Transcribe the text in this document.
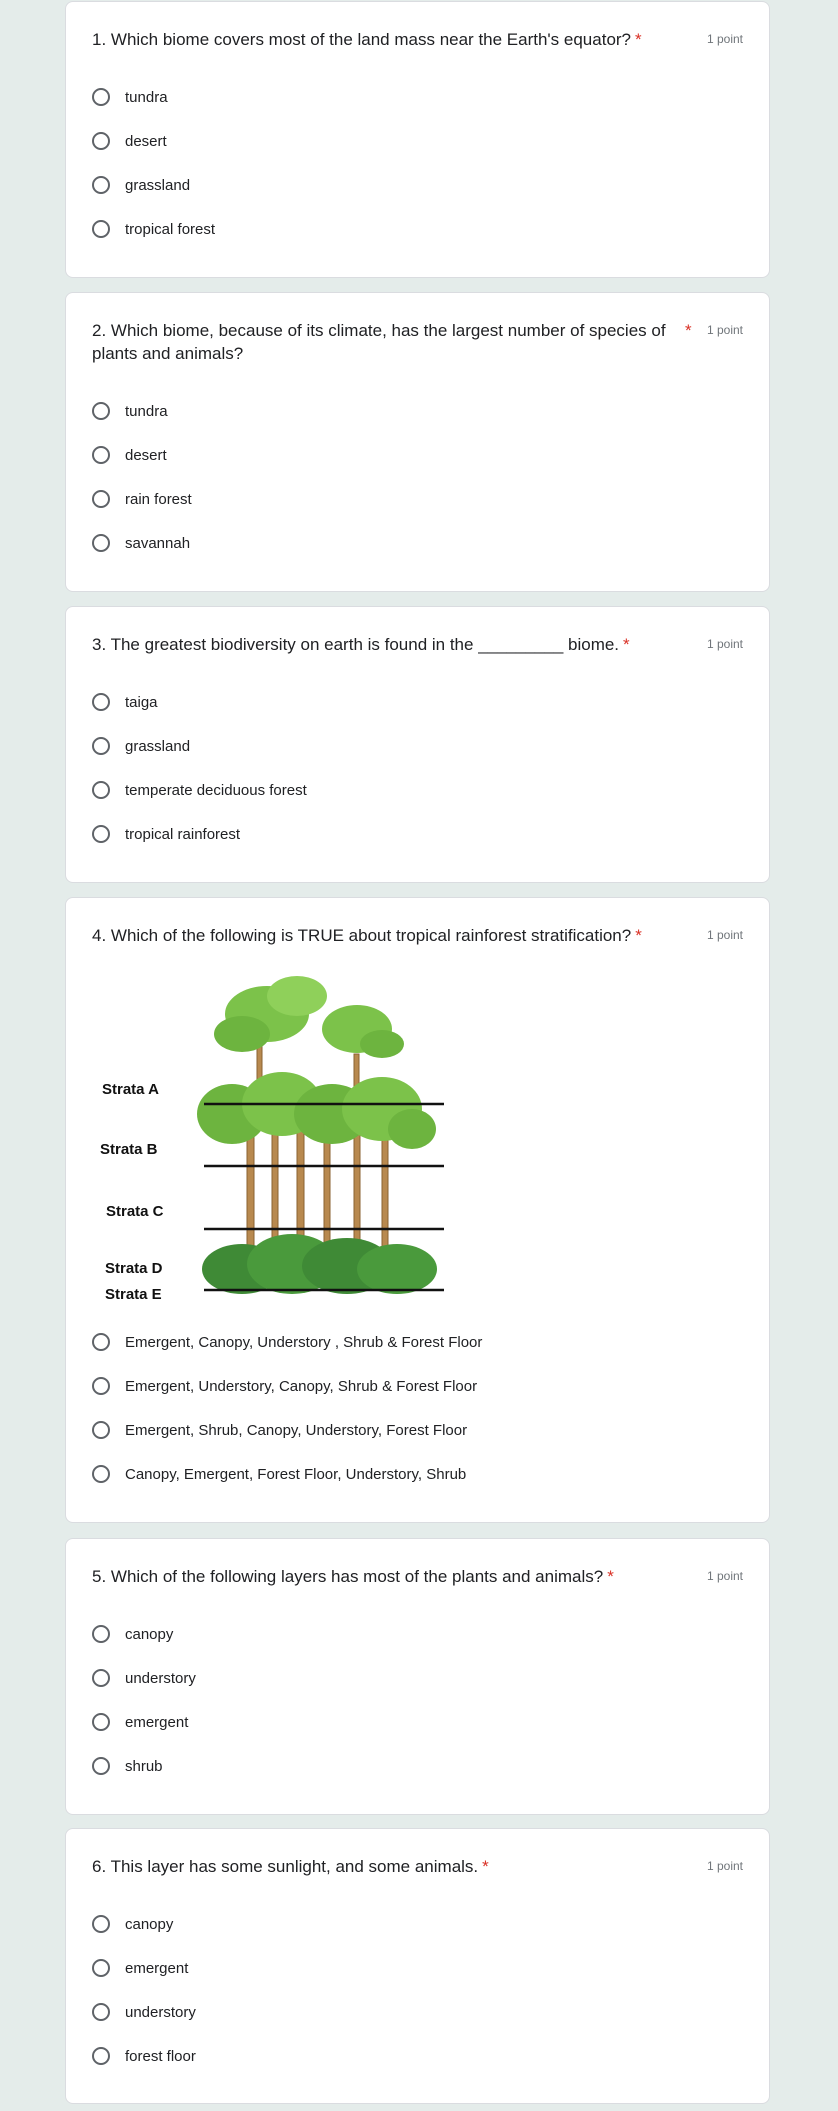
1. Which biome covers most of the land mass near the Earth's equator? *	1 point
tundra
desert
grassland
tropical forest
2. Which biome, because of its climate, has the largest number of species of plants and animals?
* 1 point
tundra
desert
rain forest
savannah
3. The greatest biodiversity on earth is found in the _________ biome. *	1 point
taiga
grassland
temperate deciduous forest
tropical rainforest
4. Which of the following is TRUE about tropical rainforest stratification? *	1 point
Strata A
Strata B
Strata C
Strata D
Strata E
Emergent, Canopy, Understory , Shrub & Forest Floor
Emergent, Understory, Canopy, Shrub & Forest Floor
Emergent, Shrub, Canopy, Understory, Forest Floor
Canopy, Emergent, Forest Floor, Understory, Shrub
5. Which of the following layers has most of the plants and animals? *	1 point
canopy
understory
emergent
shrub
6. This layer has some sunlight, and some animals. *	1 point
canopy
emergent
understory
forest floor
